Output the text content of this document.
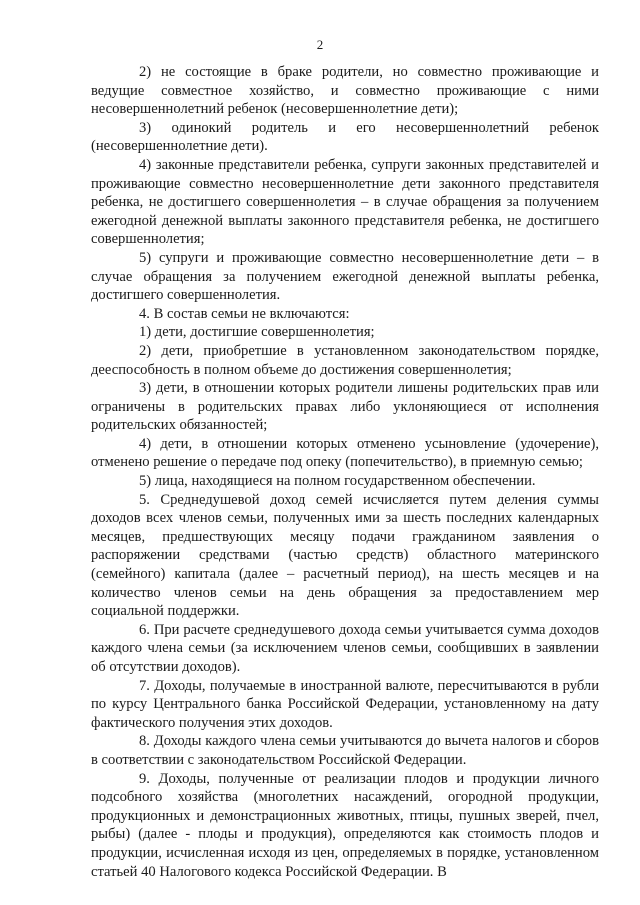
2

2) не состоящие в браке родители, но совместно проживающие и ведущие совместное хозяйство, и совместно проживающие с ними несовершеннолетний ребенок (несовершеннолетние дети);

3) одинокий родитель и его несовершеннолетний ребенок (несовершеннолетние дети).

4) законные представители ребенка, супруги законных представителей и проживающие совместно несовершеннолетние дети законного представителя ребенка, не достигшего совершеннолетия – в случае обращения за получением ежегодной денежной выплаты законного представителя ребенка, не достигшего совершеннолетия;

5) супруги и проживающие совместно несовершеннолетние дети – в случае обращения за получением ежегодной денежной выплаты ребенка, достигшего совершеннолетия.

4. В состав семьи не включаются:

1) дети, достигшие совершеннолетия;

2) дети, приобретшие в установленном законодательством порядке, дееспособность в полном объеме до достижения совершеннолетия;

3) дети, в отношении которых родители лишены родительских прав или ограничены в родительских правах либо уклоняющиеся от исполнения родительских обязанностей;

4) дети, в отношении которых отменено усыновление (удочерение), отменено решение о передаче под опеку (попечительство), в приемную семью;

5) лица, находящиеся на полном государственном обеспечении.

5. Среднедушевой доход семей исчисляется путем деления суммы доходов всех членов семьи, полученных ими за шесть последних календарных месяцев, предшествующих месяцу подачи гражданином заявления о распоряжении средствами (частью средств) областного материнского (семейного) капитала (далее – расчетный период), на шесть месяцев и на количество членов семьи на день обращения за предоставлением мер социальной поддержки.

6. При расчете среднедушевого дохода семьи учитывается сумма доходов каждого члена семьи (за исключением членов семьи, сообщивших в заявлении об отсутствии доходов).

7. Доходы, получаемые в иностранной валюте, пересчитываются в рубли по курсу Центрального банка Российской Федерации, установленному на дату фактического получения этих доходов.

8. Доходы каждого члена семьи учитываются до вычета налогов и сборов в соответствии с законодательством Российской Федерации.

9. Доходы, полученные от реализации плодов и продукции личного подсобного хозяйства (многолетних насаждений, огородной продукции, продукционных и демонстрационных животных, птицы, пушных зверей, пчел, рыбы) (далее - плоды и продукция), определяются как стоимость плодов и продукции, исчисленная исходя из цен, определяемых в порядке, установленном статьей 40 Налогового кодекса Российской Федерации. В
